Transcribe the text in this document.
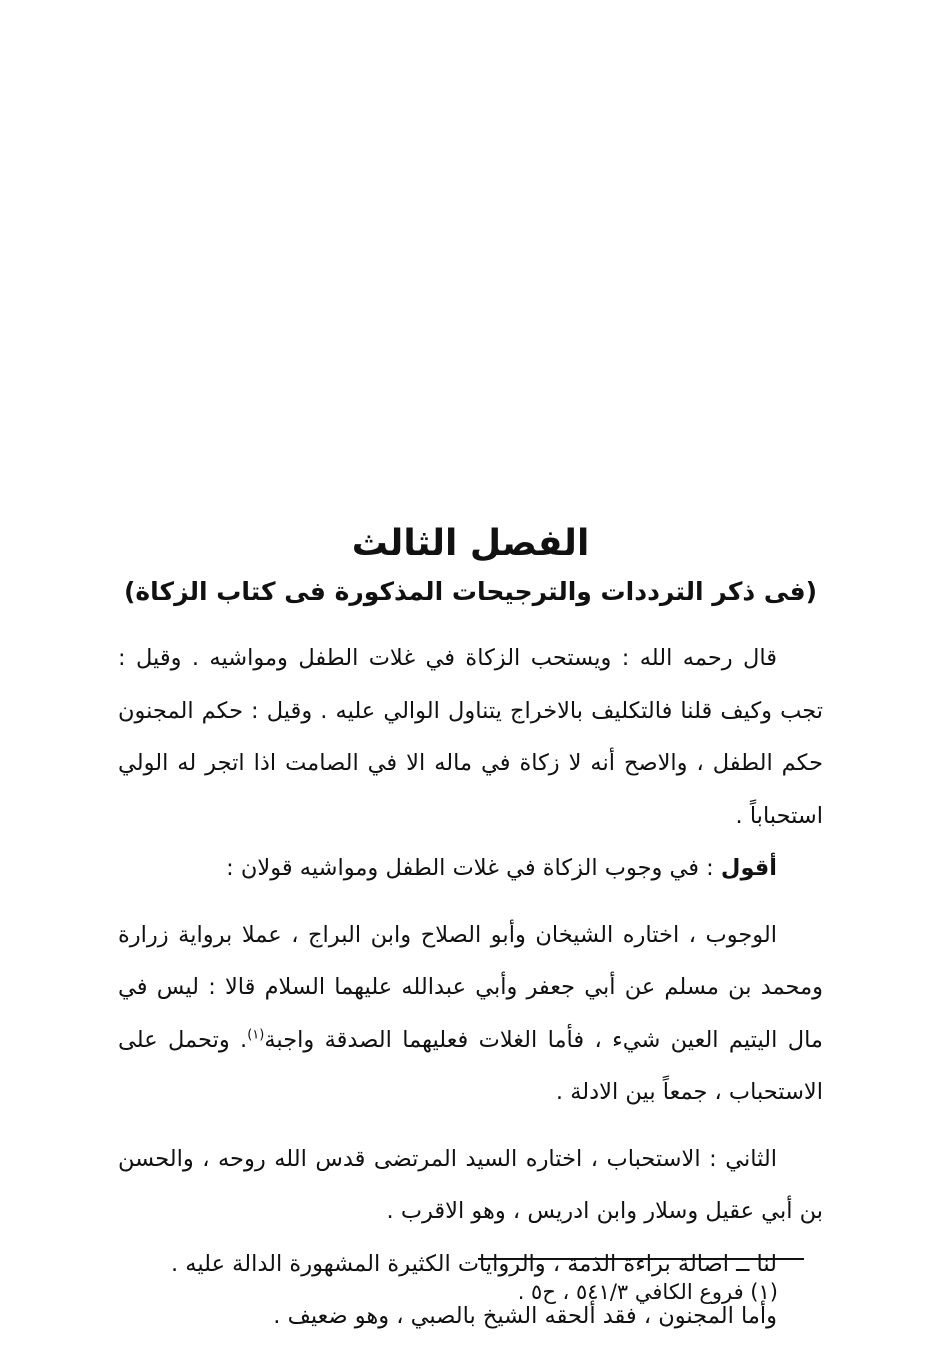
الفصل الثالث
(فى ذكر الترددات والترجيحات المذكورة فى كتاب الزكاة)

قال رحمه الله : ويستحب الزكاة في غلات الطفل ومواشيه . وقيل : تجب وكيف قلنا فالتكليف بالاخراج يتناول الوالي عليه . وقيل : حكم المجنون حكم الطفل ، والاصح أنه لا زكاة في ماله الا في الصامت اذا اتجر له الولي استحباباً .

أقول : في وجوب الزكاة في غلات الطفل ومواشيه قولان :

الوجوب ، اختاره الشيخان وأبو الصلاح وابن البراج ، عملا برواية زرارة ومحمد بن مسلم عن أبي جعفر وأبي عبدالله عليهما السلام قالا : ليس في مال اليتيم العين شيء ، فأما الغلات فعليهما الصدقة واجبة$^{(١)}$. وتحمل على الاستحباب ، جمعاً بين الادلة .

الثاني : الاستحباب ، اختاره السيد المرتضى قدس الله روحه ، والحسن بن أبي عقيل وسلار وابن ادريس ، وهو الاقرب .

لنا ــ اصالة براءة الذمة ، والروايات الكثيرة المشهورة الدالة عليه .

وأما المجنون ، فقد ألحقه الشيخ بالصبي ، وهو ضعيف .

(١) فروع الكافي ٥٤١/٣ ، ح٥ .
